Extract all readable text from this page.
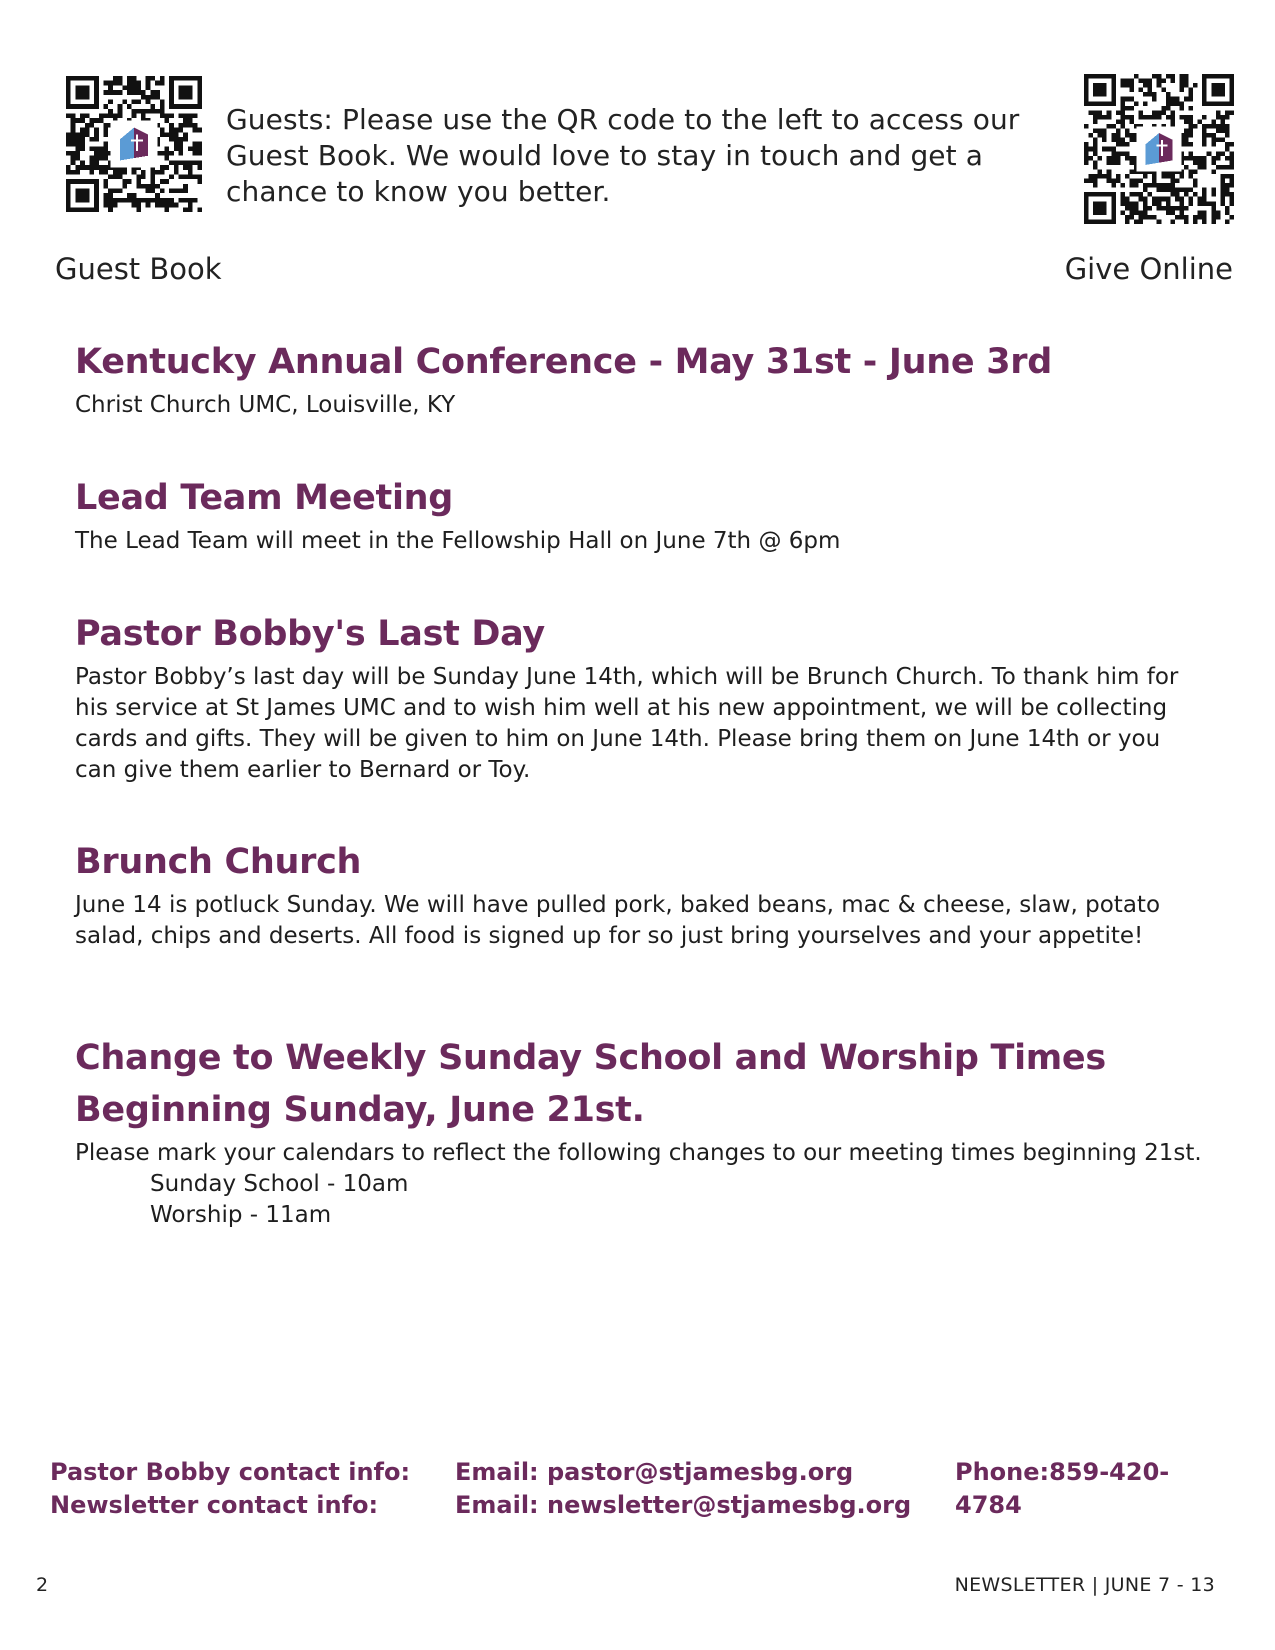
Guests: Please use the QR code to the left to access our Guest Book. We would love to stay in touch and get a chance to know you better.
Guest Book	Give Online
Kentucky Annual Conference - May 31st - June 3rd
Christ Church UMC, Louisville, KY
Lead Team Meeting
The Lead Team will meet in the Fellowship Hall on June 7th @ 6pm
Pastor Bobby's Last Day
Pastor Bobby’s last day will be Sunday June 14th, which will be Brunch Church. To thank him for his service at St James UMC and to wish him well at his new appointment, we will be collecting cards and gifts. They will be given to him on June 14th. Please bring them on June 14th or you can give them earlier to Bernard or Toy.
Brunch Church
June 14 is potluck Sunday. We will have pulled pork, baked beans, mac & cheese, slaw, potato salad, chips and deserts. All food is signed up for so just bring yourselves and your appetite!
Change to Weekly Sunday School and Worship Times
Beginning Sunday, June 21st.
Please mark your calendars to reflect the following changes to our meeting times beginning 21st.
Sunday School - 10am
Worship - 11am
Pastor Bobby contact info:
Newsletter contact info:
Email: pastor@stjamesbg.org
Email: newsletter@stjamesbg.org
Phone:859-420-4784
2	NEWSLETTER | JUNE 7 - 13
